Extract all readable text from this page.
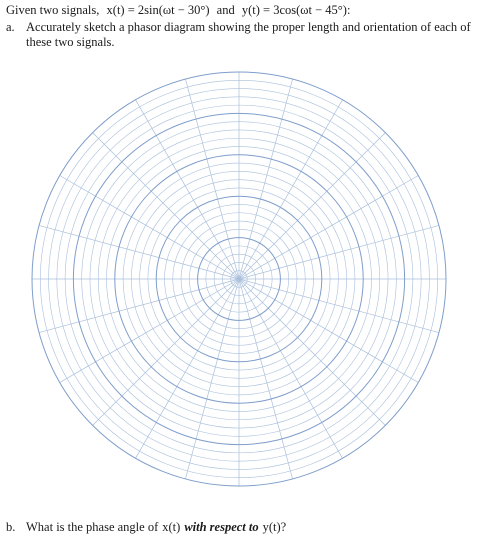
Given two signals, x(t) = 2sin(ωt − 30°) and y(t) = 3cos(ωt − 45°):
a. Accurately sketch a phasor diagram showing the proper length and orientation of each of these two signals.
b. What is the phase angle of x(t) with respect to y(t)?
